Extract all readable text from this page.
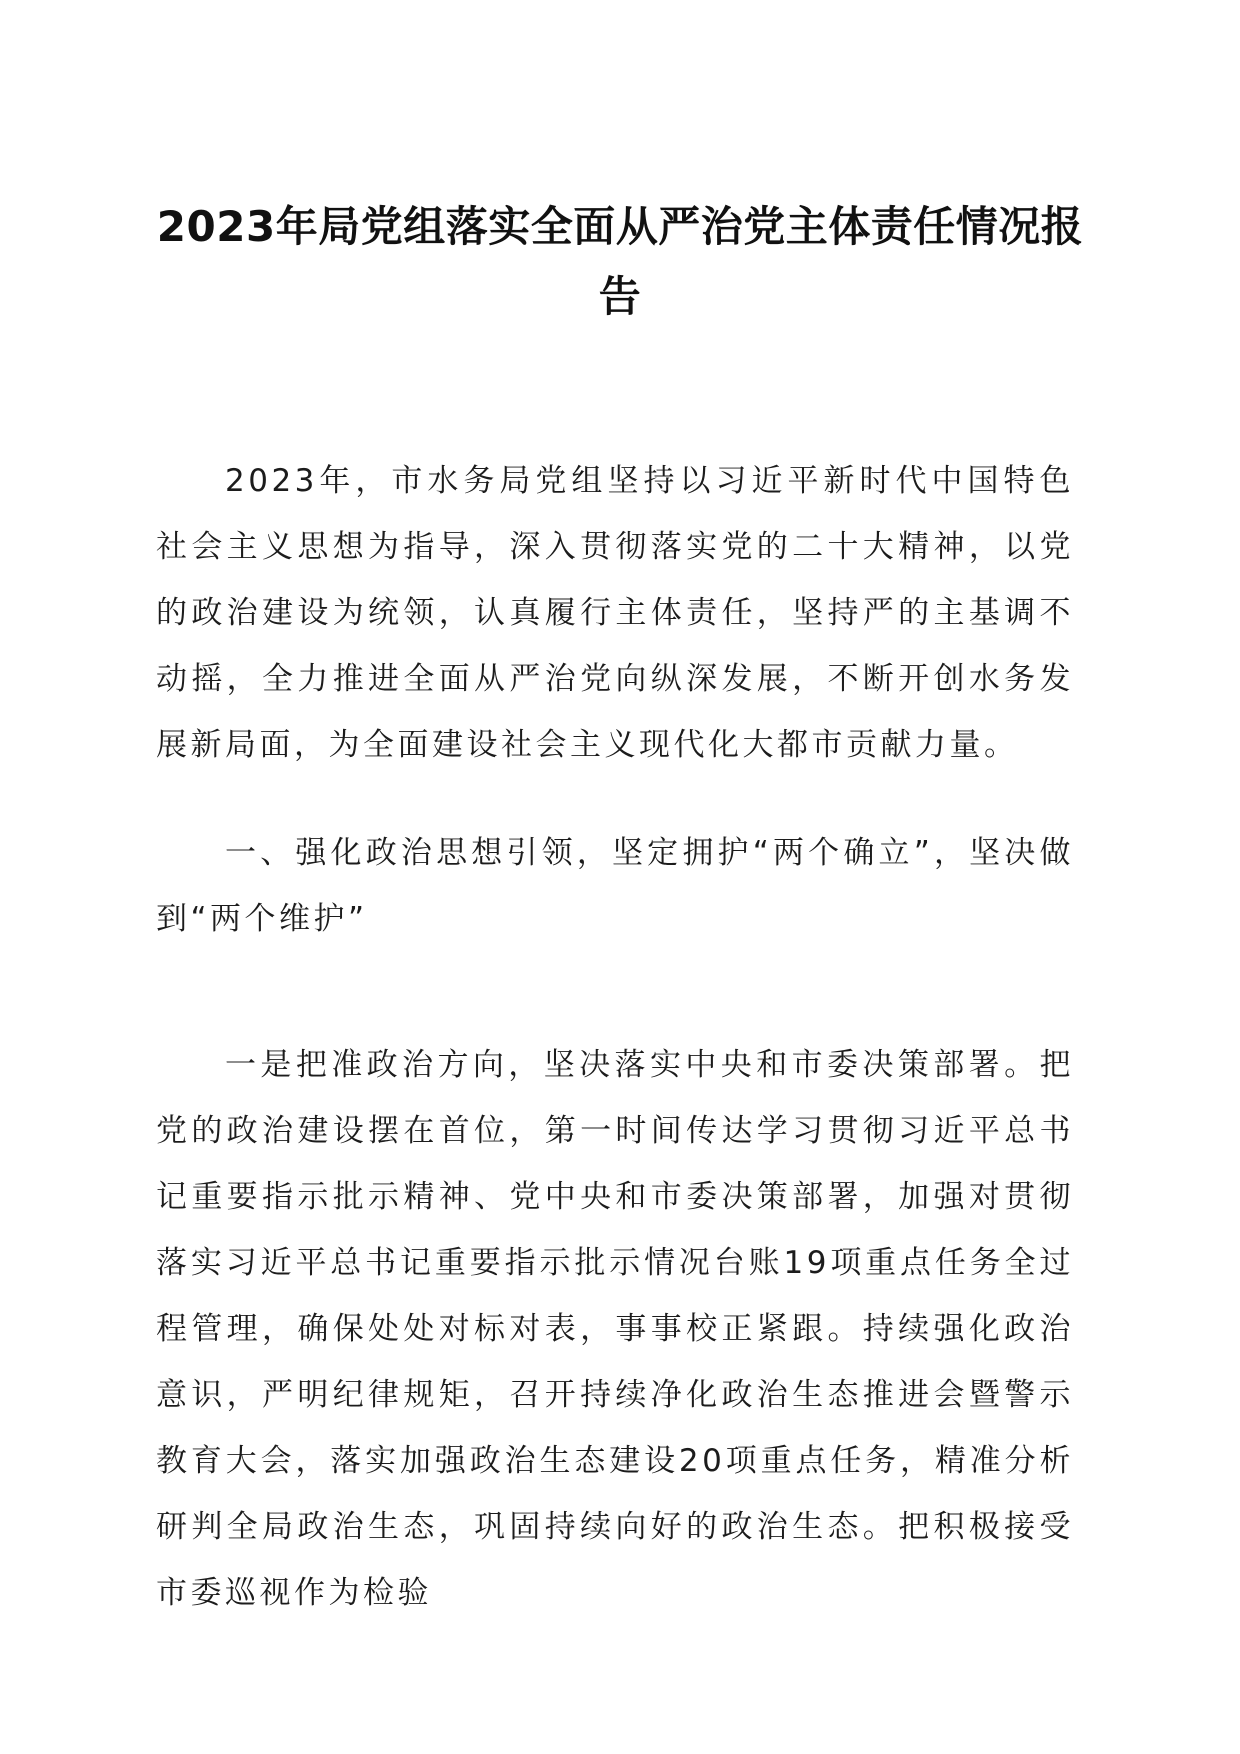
2023年局党组落实全面从严治党主体责任情况报告

2023年，市水务局党组坚持以习近平新时代中国特色社会主义思想为指导，深入贯彻落实党的二十大精神，以党的政治建设为统领，认真履行主体责任，坚持严的主基调不动摇，全力推进全面从严治党向纵深发展，不断开创水务发展新局面，为全面建设社会主义现代化大都市贡献力量。

一、强化政治思想引领，坚定拥护“两个确立”，坚决做到“两个维护”

一是把准政治方向，坚决落实中央和市委决策部署。把党的政治建设摆在首位，第一时间传达学习贯彻习近平总书记重要指示批示精神、党中央和市委决策部署，加强对贯彻落实习近平总书记重要指示批示情况台账19项重点任务全过程管理，确保处处对标对表，事事校正紧跟。持续强化政治意识，严明纪律规矩，召开持续净化政治生态推进会暨警示教育大会，落实加强政治生态建设20项重点任务，精准分析研判全局政治生态，巩固持续向好的政治生态。把积极接受市委巡视作为检验
